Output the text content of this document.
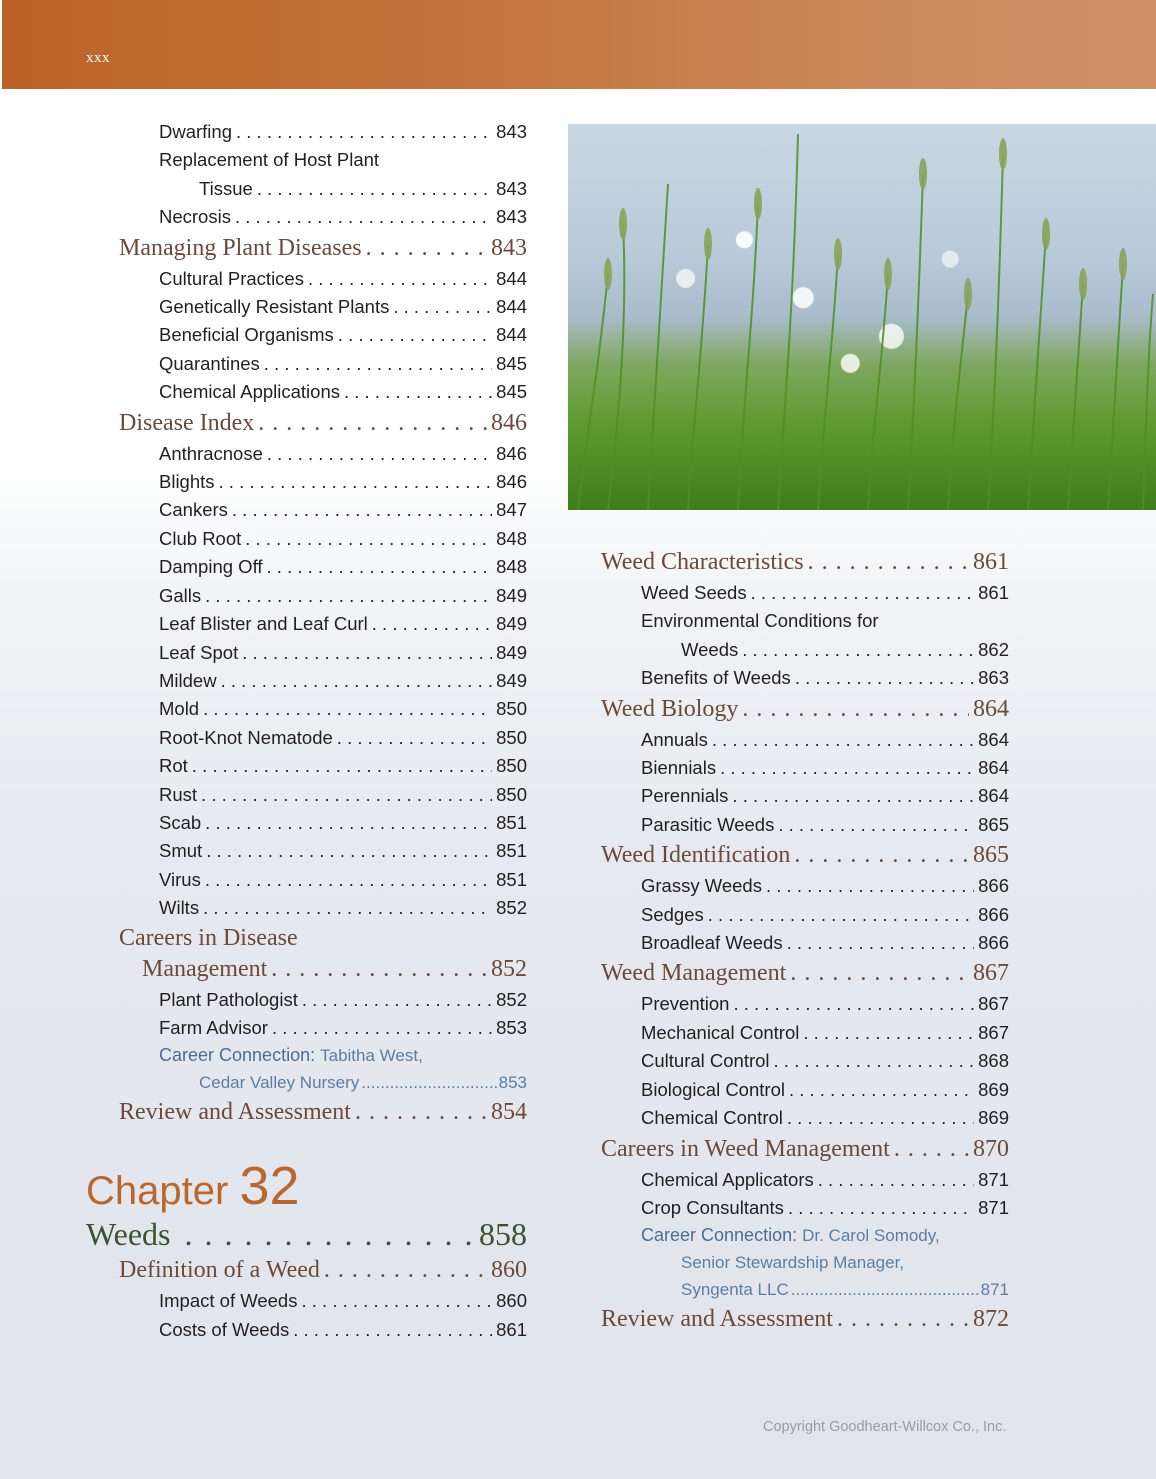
xxx
Dwarfing . . .	843
Replacement of Host Plant
Tissue . . .	843
Necrosis . . .	843
Managing Plant Diseases . . .	843
Cultural Practices . . .	844
Genetically Resistant Plants . . .	844
Beneficial Organisms . . .	844
Quarantines . . .	845
Chemical Applications . . .	845
Disease Index . . .	846
Anthracnose . . .	846
Blights . . .	846
Cankers . . .	847
Club Root . . .	848
Damping Off . . .	848
Galls . . .	849
Leaf Blister and Leaf Curl . . .	849
Leaf Spot . . .	849
Mildew . . .	849
Mold . . .	850
Root-Knot Nematode . . .	850
Rot . . .	850
Rust . . .	850
Scab . . .	851
Smut . . .	851
Virus . . .	851
Wilts . . .	852
Careers in Disease
Management . . .	852
Plant Pathologist . . .	852
Farm Advisor . . .	853
Career Connection: Tabitha West,
Cedar Valley Nursery .....	853
Review and Assessment . . .	854
Chapter 32
Weeds . . .	858
Definition of a Weed . . .	860
Impact of Weeds . . .	860
Costs of Weeds . . .	861
Weed Characteristics . . .	861
Weed Seeds . . .	861
Environmental Conditions for
Weeds . . .	862
Benefits of Weeds . . .	863
Weed Biology . . .	864
Annuals . . .	864
Biennials . . .	864
Perennials . . .	864
Parasitic Weeds . . .	865
Weed Identification . . .	865
Grassy Weeds . . .	866
Sedges . . .	866
Broadleaf Weeds . . .	866
Weed Management . . .	867
Prevention . . .	867
Mechanical Control . . .	867
Cultural Control . . .	868
Biological Control . . .	869
Chemical Control . . .	869
Careers in Weed Management . . .	870
Chemical Applicators . . .	871
Crop Consultants . . .	871
Career Connection: Dr. Carol Somody,
Senior Stewardship Manager,
Syngenta LLC .....	871
Review and Assessment . . .	872
Copyright Goodheart-Willcox Co., Inc.
